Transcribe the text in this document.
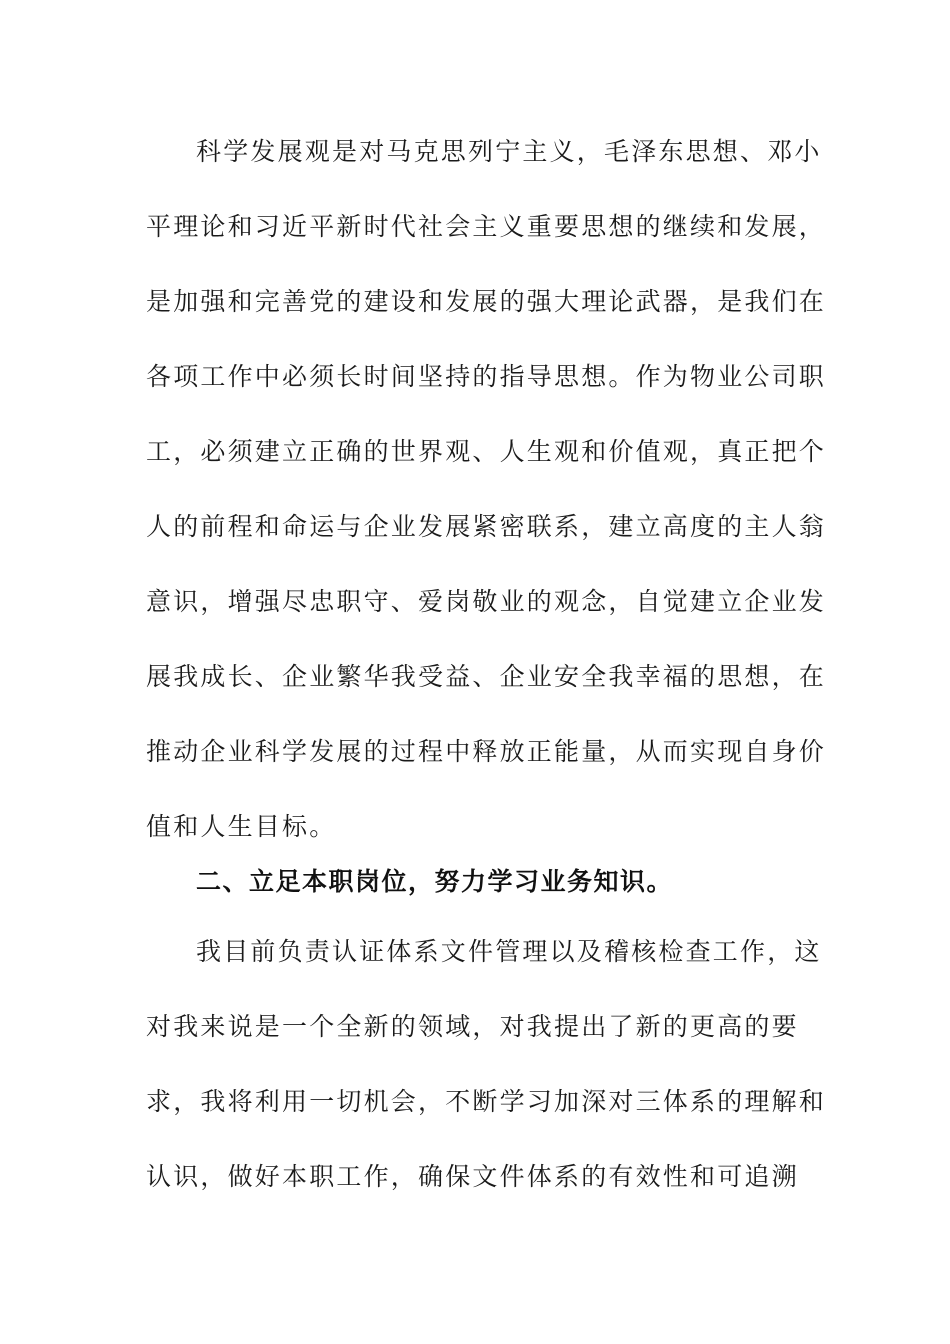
科学发展观是对马克思列宁主义，毛泽东思想、邓小
平理论和习近平新时代社会主义重要思想的继续和发展，
是加强和完善党的建设和发展的强大理论武器，是我们在
各项工作中必须长时间坚持的指导思想。作为物业公司职
工，必须建立正确的世界观、人生观和价值观，真正把个
人的前程和命运与企业发展紧密联系，建立高度的主人翁
意识，增强尽忠职守、爱岗敬业的观念，自觉建立企业发
展我成长、企业繁华我受益、企业安全我幸福的思想，在
推动企业科学发展的过程中释放正能量，从而实现自身价
值和人生目标。
二、立足本职岗位，努力学习业务知识。
我目前负责认证体系文件管理以及稽核检查工作，这
对我来说是一个全新的领域，对我提出了新的更高的要
求，我将利用一切机会，不断学习加深对三体系的理解和
认识，做好本职工作，确保文件体系的有效性和可追溯
